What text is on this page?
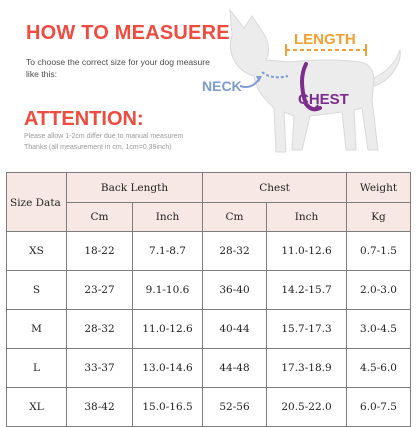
HOW TO MEASUERE
To choose the correct size for your dog measure like this:
ATTENTION:
Please allow 1-2cm differ due to manual measurem
Thanks (all measurement in cm, 1cm=0.39inch)
LENGTH
NECK
CHEST
Size Data	Back Length		Chest		Weight
	Cm	Inch	Cm	Inch	Kg
XS	18-22	7.1-8.7	28-32	11.0-12.6	0.7-1.5
S	23-27	9.1-10.6	36-40	14.2-15.7	2.0-3.0
M	28-32	11.0-12.6	40-44	15.7-17.3	3.0-4.5
L	33-37	13.0-14.6	44-48	17.3-18.9	4.5-6.0
XL	38-42	15.0-16.5	52-56	20.5-22.0	6.0-7.5
